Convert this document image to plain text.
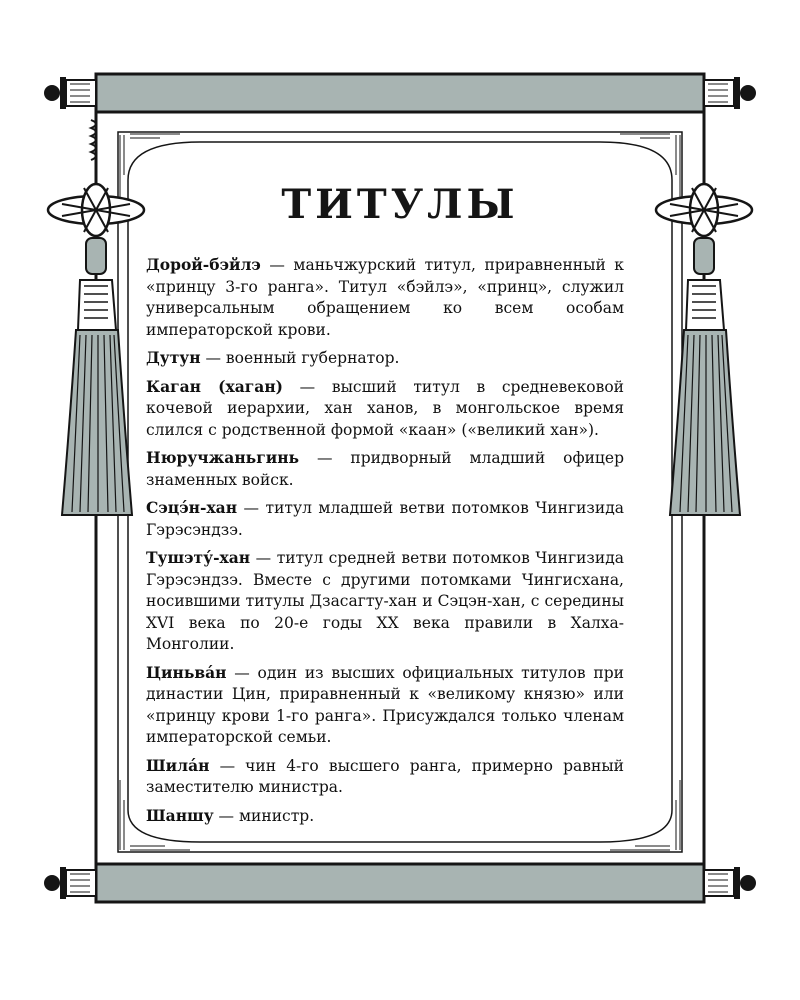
ТИТУЛЫ

Дорой-бэйлэ — маньчжурский титул, приравненный к «принцу 3-го ранга». Титул «бэйлэ», «принц», служил универсальным обращением ко всем особам императорской крови.

Дутун — военный губернатор.

Каган (хаган) — высший титул в средневековой кочевой иерархии, хан ханов, в монгольское время слился с родственной формой «каан» («великий хан»).

Нюручжаньгинь — придворный младший офицер знаменных войск.

Сэцэ́н-хан — титул младшей ветви потомков Чингизида Гэрэсэндзэ.

Тушэту́-хан — титул средней ветви потомков Чингизида Гэрэсэндзэ. Вместе с другими потомками Чингисхана, носившими титулы Дзасагту-хан и Сэцэн-хан, с середины XVI века по 20-е годы XX века правили в Халха-Монголии.

Циньва́н — один из высших официальных титулов при династии Цин, приравненный к «великому князю» или «принцу крови 1-го ранга». Присуждался только членам императорской семьи.

Шила́н — чин 4-го высшего ранга, примерно равный заместителю министра.

Шаншу — министр.
